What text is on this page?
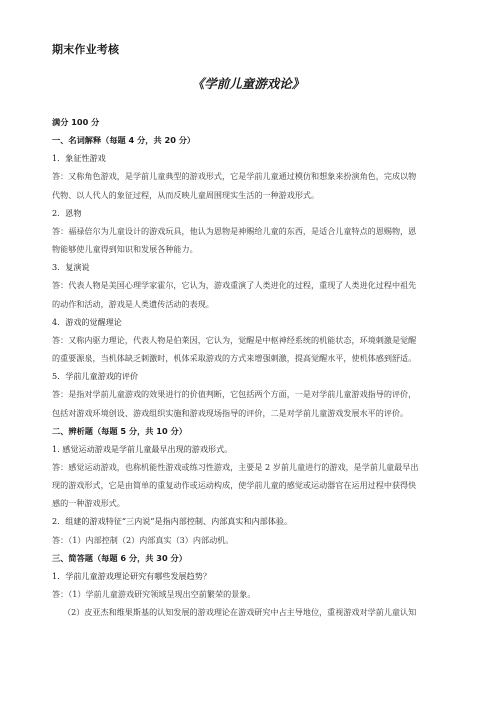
期末作业考核
《学前儿童游戏论》

满分 100 分

一、名词解释（每题 4 分，共 20 分）

1．象征性游戏

答：又称角色游戏，是学前儿童典型的游戏形式，它是学前儿童通过模仿和想象来扮演角色，完成以物

代物、以人代人的象征过程，从而反映儿童周围现实生活的一种游戏形式。

2．恩物

答：福禄倍尔为儿童设计的游戏玩具，他认为恩物是神赐给儿童的东西，是适合儿童特点的恩赐物，恩

物能够使儿童得到知识和发展各种能力。

3．复演说

答：代表人物是美国心理学家霍尔，它认为，游戏重演了人类进化的过程，重现了人类进化过程中祖先

的动作和活动，游戏是人类遗传活动的表现。

4．游戏的觉醒理论

答：又称内驱力理论，代表人物是伯莱因，它认为，觉醒是中枢神经系统的机能状态，环境刺激是觉醒

的重要源泉，当机体缺乏刺激时，机体采取游戏的方式来增强刺激，提高觉醒水平，使机体感到舒适。

5．学前儿童游戏的评价

答：是指对学前儿童游戏的效果进行的价值判断，它包括两个方面，一是对学前儿童游戏指导的评价，

包括对游戏环境创设、游戏组织实施和游戏现场指导的评价，二是对学前儿童游戏发展水平的评价。

二、辨析题（每题 5 分，共 10 分）

1. 感觉运动游戏是学前儿童最早出现的游戏形式。

答：感觉运动游戏，也称机能性游戏或练习性游戏，主要是 2 岁前儿童进行的游戏，是学前儿童最早出

现的游戏形式，它是由简单的重复动作或运动构成，使学前儿童的感觉或运动器官在运用过程中获得快

感的一种游戏形式。

2．组建的游戏特征“三内说”是指内部控制、内部真实和内部体验。

答：（1）内部控制（2）内部真实（3）内部动机。

三、简答题（每题 6 分，共 30 分）

1．学前儿童游戏理论研究有哪些发展趋势？

答：（1）学前儿童游戏研究领域呈现出空前繁荣的景象。

（2）皮亚杰和维果斯基的认知发展的游戏理论在游戏研究中占主导地位，重视游戏对学前儿童认知
